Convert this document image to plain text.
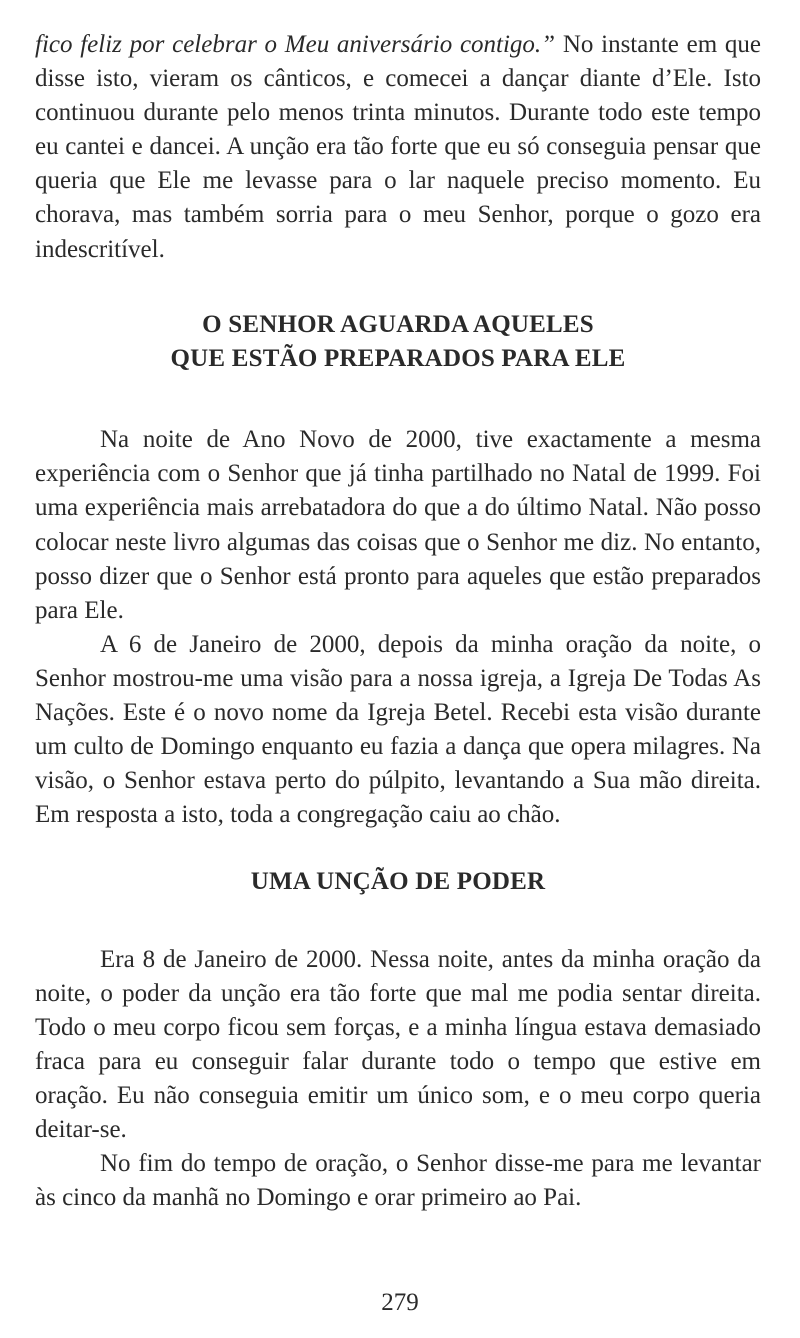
fico feliz por celebrar o Meu aniversário contigo.” No instante em que disse isto, vieram os cânticos, e comecei a dançar diante d’Ele. Isto continuou durante pelo menos trinta minutos. Durante todo este tempo eu cantei e dancei. A unção era tão forte que eu só conseguia pensar que queria que Ele me levasse para o lar naquele preciso momento. Eu chorava, mas também sorria para o meu Senhor, porque o gozo era indescritível.

O SENHOR AGUARDA AQUELES
QUE ESTÃO PREPARADOS PARA ELE

Na noite de Ano Novo de 2000, tive exactamente a mesma experiência com o Senhor que já tinha partilhado no Natal de 1999. Foi uma experiência mais arrebatadora do que a do último Natal. Não posso colocar neste livro algumas das coisas que o Senhor me diz. No entanto, posso dizer que o Senhor está pronto para aqueles que estão preparados para Ele.

A 6 de Janeiro de 2000, depois da minha oração da noite, o Senhor mostrou-me uma visão para a nossa igreja, a Igreja De Todas As Nações. Este é o novo nome da Igreja Betel. Recebi esta visão durante um culto de Domingo enquanto eu fazia a dança que opera milagres. Na visão, o Senhor estava perto do púlpito, levantando a Sua mão direita. Em resposta a isto, toda a congregação caiu ao chão.

UMA UNÇÃO DE PODER

Era 8 de Janeiro de 2000. Nessa noite, antes da minha oração da noite, o poder da unção era tão forte que mal me podia sentar direita. Todo o meu corpo ficou sem forças, e a minha língua estava demasiado fraca para eu conseguir falar durante todo o tempo que estive em oração. Eu não conseguia emitir um único som, e o meu corpo queria deitar-se.

No fim do tempo de oração, o Senhor disse-me para me levantar às cinco da manhã no Domingo e orar primeiro ao Pai.

279
